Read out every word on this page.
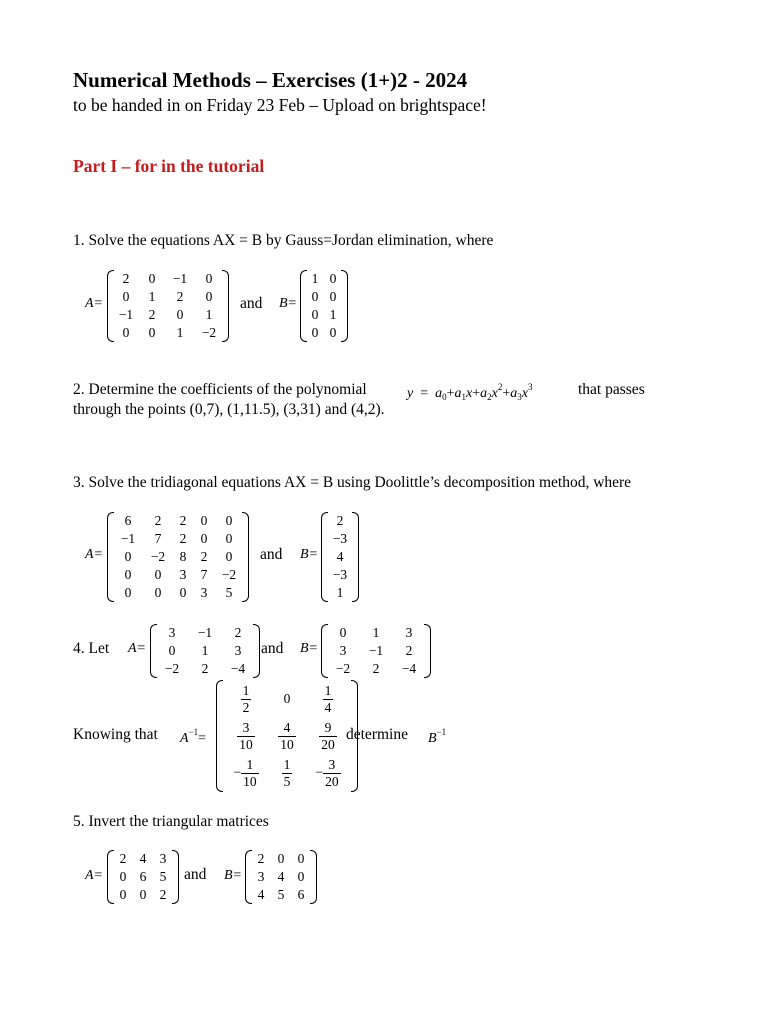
Numerical Methods – Exercises (1+)2 - 2024
to be handed in on Friday 23 Feb – Upload on brightspace!
Part I – for in the tutorial
1. Solve the equations AX = B by Gauss=Jordan elimination, where
A=
2	0	−1	0
0	1	2	0
−1	2	0	1
0	0	1	−2
and B=
1	0
0	0
0	1
0	0
2. Determine the coefficients of the polynomial	$y = a_0+a_1x+a_2x^2+a_3x^3$	that passes
through the points (0,7), (1,11.5), (3,31) and (4,2).
3. Solve the tridiagonal equations AX = B using Doolittle’s decomposition method, where
A=
6	2	2	0	0
−1	7	2	0	0
0	−2	8	2	0
0	0	3	7	−2
0	0	0	3	5
and B=
2
−3
4
−3
1
4. Let A=
3	−1	2
0	1	3
−2	2	−4
and B=
0	1	3
3	−1	2
−2	2	−4
Knowing that $A^{-1}=$
$\frac{1}{2}$	0	$\frac{1}{4}$

$\frac{3}{10}$	$\frac{4}{10}$	$\frac{9}{20}$

− $\frac{1}{10}$	$\frac{1}{5}$	− $\frac{3}{20}$
determine $B^{-1}$
5. Invert the triangular matrices
A=
2	4	3
0	6	5
0	0	2
and B=
2	0	0
3	4	0
4	5	6
